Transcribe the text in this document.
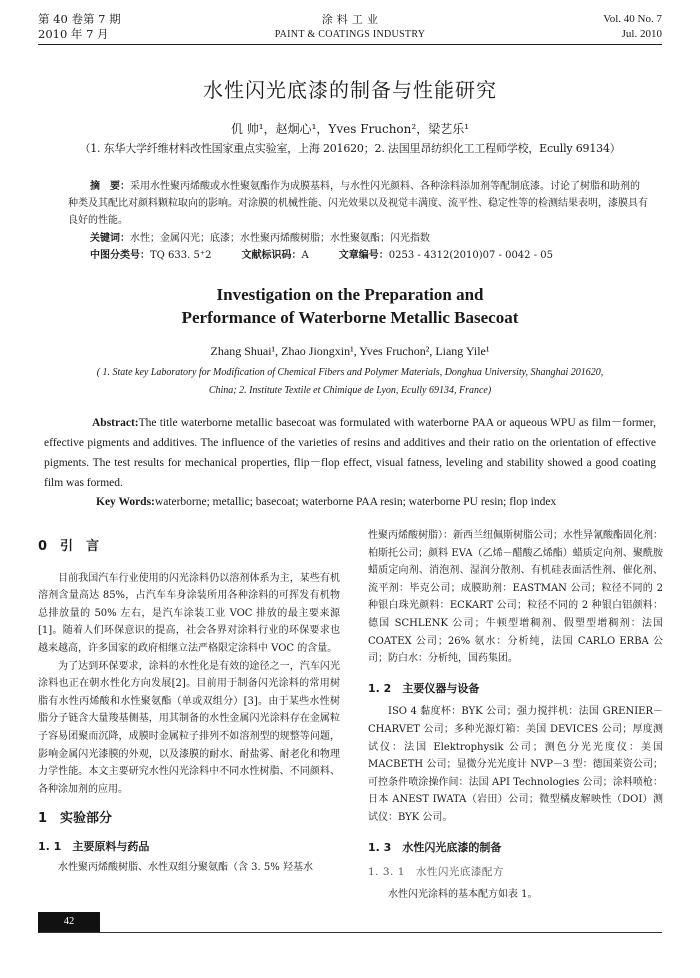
第 40 卷第 7 期
2010 年 7 月
涂 料 工 业
PAINT & COATINGS INDUSTRY
Vol. 40 No. 7
Jul. 2010
水性闪光底漆的制备与性能研究
仉 帅¹，赵炯心¹，Yves Fruchon²，梁艺乐¹
（1. 东华大学纤维材料改性国家重点实验室，上海 201620；2. 法国里昂纺织化工工程师学校，Ecully 69134）
摘　要：采用水性聚丙烯酸或水性聚氨酯作为成膜基料，与水性闪光颜料、各种涂料添加剂等配制底漆。讨论了树脂和助剂的种类及其配比对颜料颗粒取向的影响。对涂膜的机械性能、闪光效果以及视觉丰满度、流平性、稳定性等的检测结果表明，漆膜具有良好的性能。
关键词：水性；金属闪光；底漆；水性聚丙烯酸树脂；水性聚氨酯；闪光指数
中图分类号：TQ 633. 5⁺2	文献标识码：A	文章编号：0253 - 4312(2010)07 - 0042 - 05
Investigation on the Preparation and
Performance of Waterborne Metallic Basecoat
Zhang Shuai¹, Zhao Jiongxin¹, Yves Fruchon², Liang Yile¹
( 1. State key Laboratory for Modification of Chemical Fibers and Polymer Materials, Donghua University, Shanghai 201620, China; 2. Institute Textile et Chimique de Lyon, Ecully 69134, France)
Abstract:The title waterborne metallic basecoat was formulated with waterborne PAA or aqueous WPU as film－former, effective pigments and additives. The influence of the varieties of resins and additives and their ratio on the orientation of effective pigments. The test results for mechanical properties, flip－flop effect, visual fatness, leveling and stability showed a good coating film was formed.
Key Words:waterborne; metallic; basecoat; waterborne PAA resin; waterborne PU resin; flop index
0　引　言

目前我国汽车行业使用的闪光涂料仍以溶剂体系为主，某些有机溶剂含量高达 85%，占汽车车身涂装所用各种涂料的可挥发有机物总排放量的 50% 左右，是汽车涂装工业 VOC 排放的最主要来源[1]。随着人们环保意识的提高，社会各界对涂料行业的环保要求也越来越高，许多国家的政府相继立法严格限定涂料中 VOC 的含量。

为了达到环保要求，涂料的水性化是有效的途径之一，汽车闪光涂料也正在朝水性化方向发展[2]。目前用于制备闪光涂料的常用树脂有水性丙烯酸和水性聚氨酯（单或双组分）[3]。由于某些水性树脂分子链含大量羧基侧基，用其制备的水性金属闪光涂料存在金属粒子容易团聚而沉降，成膜时金属粒子排列不如溶剂型的规整等问题，影响金属闪光漆膜的外观，以及漆膜的耐水、耐盐雾、耐老化和物理力学性能。本文主要研究水性闪光涂料中不同水性树脂、不同颜料、各种涂加剂的应用。

1　实验部分
1. 1　主要原料与药品

水性聚丙烯酸树脂、水性双组分聚氨酯（含 3. 5% 羟基水

性聚丙烯酸树脂）：新西兰纽佩斯树脂公司；水性异氰酸酯固化剂：柏斯托公司；颜料 EVA（乙烯－醋酸乙烯酯）蜡质定向剂、聚酰胺蜡质定向剂、消泡剂、湿润分散剂、有机硅表面活性剂、催化剂、流平剂：毕克公司；成膜助剂：EASTMAN 公司；粒径不同的 2 种银白珠光颜料：ECKART 公司；粒径不同的 2 种银白铝颜料：德国 SCHLENK 公司；牛顿型增稠剂、假塑型增稠剂：法国 COATEX 公司；26% 氨水：分析纯，法国 CARLO ERBA 公司；防白水：分析纯，国药集团。

1. 2　主要仪器与设备

ISO 4 黏度杯：BYK 公司；强力搅拌机：法国 GRENIER－CHARVET 公司；多种光源灯箱：美国 DEVICES 公司；厚度测试仪：法国 Elektrophysik 公司；测色分光光度仪：美国 MACBETH 公司；显微分光光度计 NVP－3 型：德国莱资公司；可控条件喷涂操作间：法国 API Technologies 公司；涂料喷枪：日本 ANEST IWATA（岩田）公司；微型橘皮解映性（DOI）测试仪：BYK 公司。

1. 3　水性闪光底漆的制备
1. 3. 1　水性闪光底漆配方

水性闪光涂料的基本配方如表 1。

42
